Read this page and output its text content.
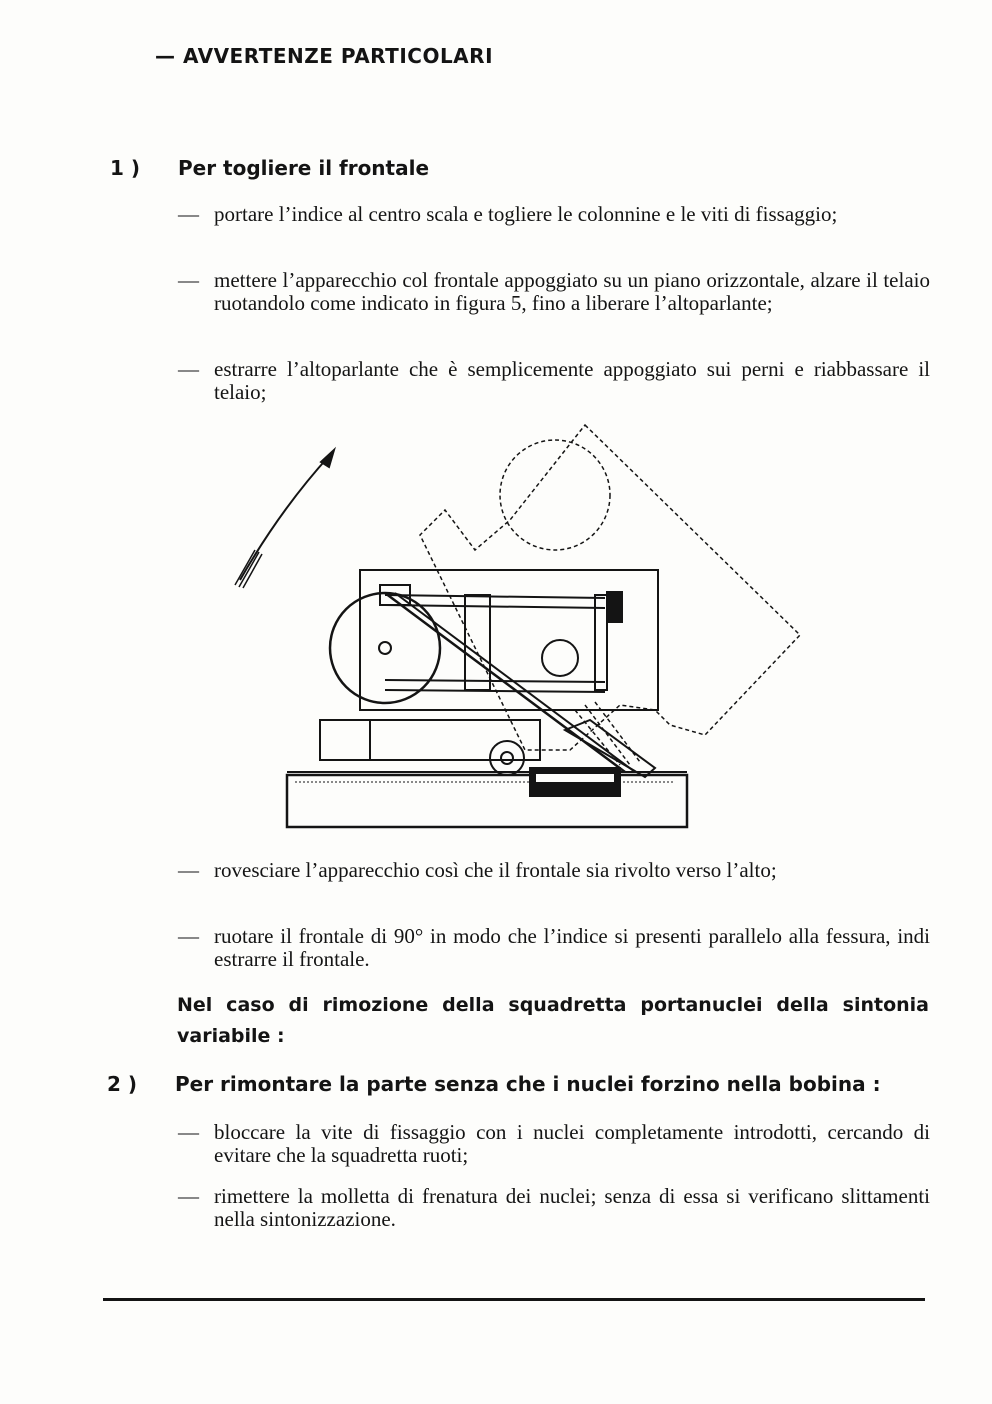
— AVVERTENZE PARTICOLARI
1 ) Per togliere il frontale
— portare l’indice al centro scala e togliere le colonnine e le viti di fissaggio;
— mettere l’apparecchio col frontale appoggiato su un piano orizzontale, alzare il telaio ruotandolo come indicato in figura 5, fino a liberare l’altoparlante;
— estrarre l’altoparlante che è semplicemente appoggiato sui perni e riabbassare il telaio;
— rovesciare l’apparecchio così che il frontale sia rivolto verso l’alto;
— ruotare il frontale di 90° in modo che l’indice si presenti parallelo alla fessura, indi estrarre il frontale.
Nel caso di rimozione della squadretta portanuclei della sintonia variabile :
2 ) Per rimontare la parte senza che i nuclei forzino nella bobina :
— bloccare la vite di fissaggio con i nuclei completamente introdotti, cercando di evitare che la squadretta ruoti;
— rimettere la molletta di frenatura dei nuclei; senza di essa si verificano slittamenti nella sintonizzazione.
